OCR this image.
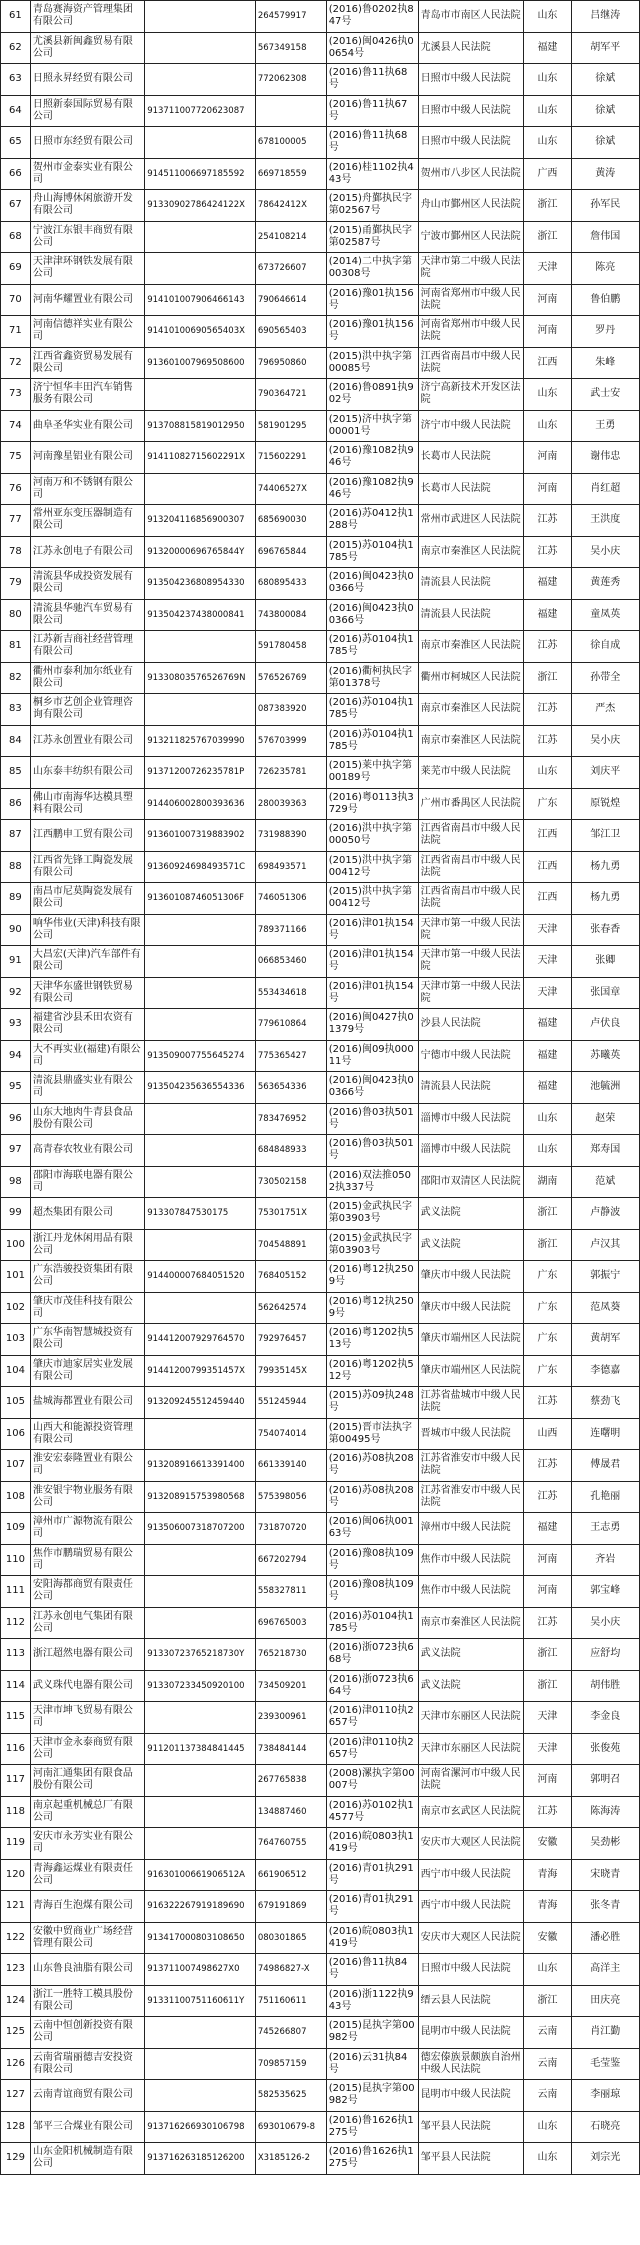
61	青岛赛海资产管理集团有限公司		264579917	(2016)鲁0202执847号	青岛市市南区人民法院	山东	吕继涛
62	尤溪县新闽鑫贸易有限公司		567349158	(2016)闽0426执00654号	尤溪县人民法院	福建	胡军平
63	日照永昇经贸有限公司		772062308	(2016)鲁11执68号	日照市中级人民法院	山东	徐斌
64	日照新泰国际贸易有限公司	913711007720623087		(2016)鲁11执67号	日照市中级人民法院	山东	徐斌
65	日照市东经贸有限公司		678100005	(2016)鲁11执68号	日照市中级人民法院	山东	徐斌
66	贺州市金泰实业有限公司	914511006697185592	669718559	(2016)桂1102执443号	贺州市八步区人民法院	广西	黄涛
67	舟山海博休闲旅游开发有限公司	91330902786424122X	78642412X	(2015)舟鄞执民字第02567号	舟山市鄞州区人民法院	浙江	孙军民
68	宁波江东银丰商贸有限公司		254108214	(2015)甬鄞执民字第02587号	宁波市鄞州区人民法院	浙江	詹伟国
69	天津津环钢铁发展有限公司		673726607	(2014)二中执字第00308号	天津市第二中级人民法院	天津	陈亮
70	河南华耀置业有限公司	914101007906466143	790646614	(2016)豫01执156号	河南省郑州市中级人民法院	河南	鲁伯鹏
71	河南信德祥实业有限公司	91410100690565403X	690565403	(2016)豫01执156号	河南省郑州市中级人民法院	河南	罗丹
72	江西省鑫资贸易发展有限公司	913601007969508600	796950860	(2015)洪中执字第00085号	江西省南昌市中级人民法院	江西	朱峰
73	济宁恒华丰田汽车销售服务有限公司		790364721	(2016)鲁0891执902号	济宁高新技术开发区法院	山东	武士安
74	曲阜圣华实业有限公司	913708815819012950	581901295	(2015)济中执字第00001号	济宁市中级人民法院	山东	王勇
75	河南豫星铝业有限公司	91411082715602291X	715602291	(2016)豫1082执946号	长葛市人民法院	河南	谢伟忠
76	河南万和不锈钢有限公司		74406527X	(2016)豫1082执946号	长葛市人民法院	河南	肖红超
77	常州亚东变压器制造有限公司	913204116856900307	685690030	(2016)苏0412执1288号	常州市武进区人民法院	江苏	王洪度
78	江苏永创电子有限公司	91320000696765844Y	696765844	(2015)苏0104执1785号	南京市秦淮区人民法院	江苏	吴小庆
79	清流县华成投资发展有限公司	913504236808954330	680895433	(2016)闽0423执00366号	清流县人民法院	福建	黄莲秀
80	清流县华驰汽车贸易有限公司	913504237438000841	743800084	(2016)闽0423执00366号	清流县人民法院	福建	童凤英
81	江苏新吉商社经营管理有限公司		591780458	(2016)苏0104执1785号	南京市秦淮区人民法院	江苏	徐自成
82	衢州市泰利加尔纸业有限公司	91330803576526769N	576526769	(2016)衢柯执民字第01378号	衢州市柯城区人民法院	浙江	孙带全
83	桐乡市艺创企业管理咨询有限公司		087383920	(2016)苏0104执1785号	南京市秦淮区人民法院	江苏	严杰
84	江苏永创置业有限公司	913211825767039990	576703999	(2016)苏0104执1785号	南京市秦淮区人民法院	江苏	吴小庆
85	山东泰丰纺织有限公司	91371200726235781P	726235781	(2015)莱中执字第00189号	莱芜市中级人民法院	山东	刘庆平
86	佛山市南海华达模具塑料有限公司	914406002800393636	280039363	(2016)粤0113执3729号	广州市番禺区人民法院	广东	原锐煌
87	江西鹏申工贸有限公司	913601007319883902	731988390	(2016)洪中执字第00050号	江西省南昌市中级人民法院	江西	邹江卫
88	江西省先锋工陶瓷发展有限公司	91360924698493571C	698493571	(2015)洪中执字第00412号	江西省南昌市中级人民法院	江西	杨九勇
89	南昌市尼莫陶瓷发展有限公司	91360108746051306F	746051306	(2015)洪中执字第00412号	江西省南昌市中级人民法院	江西	杨九勇
90	响华伟业(天津)科技有限公司		789371166	(2016)津01执154号	天津市第一中级人民法院	天津	张春香
91	大昌宏(天津)汽车部件有限公司		066853460	(2016)津01执154号	天津市第一中级人民法院	天津	张卿
92	天津华东盛世钢铁贸易有限公司		553434618	(2016)津01执154号	天津市第一中级人民法院	天津	张国章
93	福建省沙县禾田农资有限公司		779610864	(2016)闽0427执01379号	沙县人民法院	福建	卢伏良
94	大不再实业(福建)有限公司	913509007755645274	775365427	(2016)闽09执00011号	宁德市中级人民法院	福建	苏曦英
95	清流县鼎盛实业有限公司	913504235636554336	563654336	(2016)闽0423执00366号	清流县人民法院	福建	池毓洲
96	山东大地肉牛青县食品股份有限公司		783476952	(2016)鲁03执501号	淄博市中级人民法院	山东	赵荣
97	高青春农牧业有限公司		684848933	(2016)鲁03执501号	淄博市中级人民法院	山东	郑寿国
98	邵阳市海联电器有限公司		730502158	(2016)双法推0502执337号	邵阳市双清区人民法院	湖南	范斌
99	超杰集团有限公司	913307847530175	75301751X	(2015)金武执民字第03903号	武义法院	浙江	卢静波
100	浙江丹龙休闲用品有限公司		704548891	(2015)金武执民字第03903号	武义法院	浙江	卢汉其
101	广东浩骏投资集团有限公司	914400007684051520	768405152	(2016)粤12执2509号	肇庆市中级人民法院	广东	郭振宁
102	肇庆市茂佳科技有限公司		562642574	(2016)粤12执2509号	肇庆市中级人民法院	广东	范凤葵
103	广东华南智慧城投资有限公司	914412007929764570	792976457	(2016)粤1202执513号	肇庆市端州区人民法院	广东	黄胡军
104	肇庆市迪家居实业发展有限公司	91441200799351457X	79935145X	(2016)粤1202执512号	肇庆市端州区人民法院	广东	李德嘉
105	盐城海都置业有限公司	913209245512459440	551245944	(2015)苏09执248号	江苏省盐城市中级人民法院	江苏	蔡劲飞
106	山西大和能源投资管理有限公司		754074014	(2015)晋市法执字第00495号	晋城市中级人民法院	山西	连曙明
107	淮安宏泰隆置业有限公司	913208916613391400	661339140	(2016)苏08执208号	江苏省淮安市中级人民法院	江苏	傅晟君
108	淮安银宇物业服务有限公司	913208915753980568	575398056	(2016)苏08执208号	江苏省淮安市中级人民法院	江苏	孔艳丽
109	漳州市广源物流有限公司	913506007318707200	731870720	(2016)闽06执00163号	漳州市中级人民法院	福建	王志勇
110	焦作市鹏瑞贸易有限公司		667202794	(2016)豫08执109号	焦作市中级人民法院	河南	齐岩
111	安阳海都商贸有限责任公司		558327811	(2016)豫08执109号	焦作市中级人民法院	河南	郭宝峰
112	江苏永创电气集团有限公司		696765003	(2016)苏0104执1785号	南京市秦淮区人民法院	江苏	吴小庆
113	浙江超然电器有限公司	91330723765218730Y	765218730	(2016)浙0723执668号	武义法院	浙江	应舒均
114	武义珠代电器有限公司	913307233450920100	734509201	(2016)浙0723执664号	武义法院	浙江	胡伟胜
115	天津市坤飞贸易有限公司		239300961	(2016)津0110执2657号	天津市东丽区人民法院	天津	李金良
116	天津市金永泰商贸有限公司	911201137384841445	738484144	(2016)津0110执2657号	天津市东丽区人民法院	天津	张俊苑
117	河南汇通集团有限食品股份有限公司		267765838	(2008)漯执字第00007号	河南省漯河市中级人民法院	河南	郭明召
118	南京起重机械总厂有限公司		134887460	(2016)苏0102执14577号	南京市玄武区人民法院	江苏	陈海涛
119	安庆市永芳实业有限公司		764760755	(2016)皖0803执1419号	安庆市大观区人民法院	安徽	吴劲彬
120	青海鑫运煤业有限责任公司	91630100661906512A	661906512	(2016)青01执291号	西宁市中级人民法院	青海	宋晓青
121	青海百生泡煤有限公司	916322267919189690	679191869	(2016)青01执291号	西宁市中级人民法院	青海	张冬青
122	安徽中贸商业广场经营管理有限公司	913417000803108650	080301865	(2016)皖0803执1419号	安庆市大观区人民法院	安徽	潘必胜
123	山东鲁良油脂有限公司	913711007498627X0	74986827-X	(2016)鲁11执84号	日照市中级人民法院	山东	高洋主
124	浙江一胜特工模具股份有限公司	91331100751160611Y	751160611	(2016)浙1122执943号	缙云县人民法院	浙江	田庆亮
125	云南中恒创新投资有限公司		745266807	(2015)昆执字第00982号	昆明市中级人民法院	云南	肖江勤
126	云南省瑞丽德吉安投资有限公司		709857159	(2016)云31执84号	德宏傣族景颇族自治州中级人民法院	云南	毛莹鉴
127	云南青谊商贸有限公司		582535625	(2015)昆执字第00982号	昆明市中级人民法院	云南	李丽琼
128	邹平三合煤业有限公司	913716266930106798	693010679-8	(2016)鲁1626执1275号	邹平县人民法院	山东	石晓亮
129	山东金阳机械制造有限公司	913716263185126200	X3185126-2	(2016)鲁1626执1275号	邹平县人民法院	山东	刘宗光
